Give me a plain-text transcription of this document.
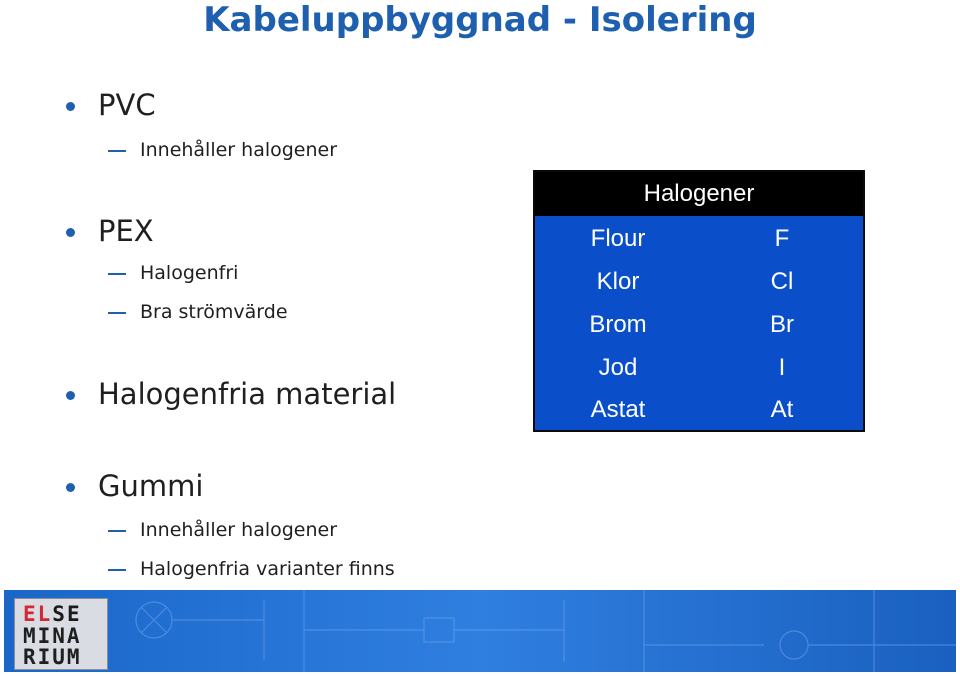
Kabeluppbyggnad - Isolering
PVC
Innehåller halogener
PEX
Halogenfri
Bra strömvärde
Halogenfria material
Gummi
Innehåller halogener
Halogenfria varianter finns
Halogener
Flour	F
Klor	Cl
Brom	Br
Jod	I
Astat	At
ELSE
MINA
RIUM
